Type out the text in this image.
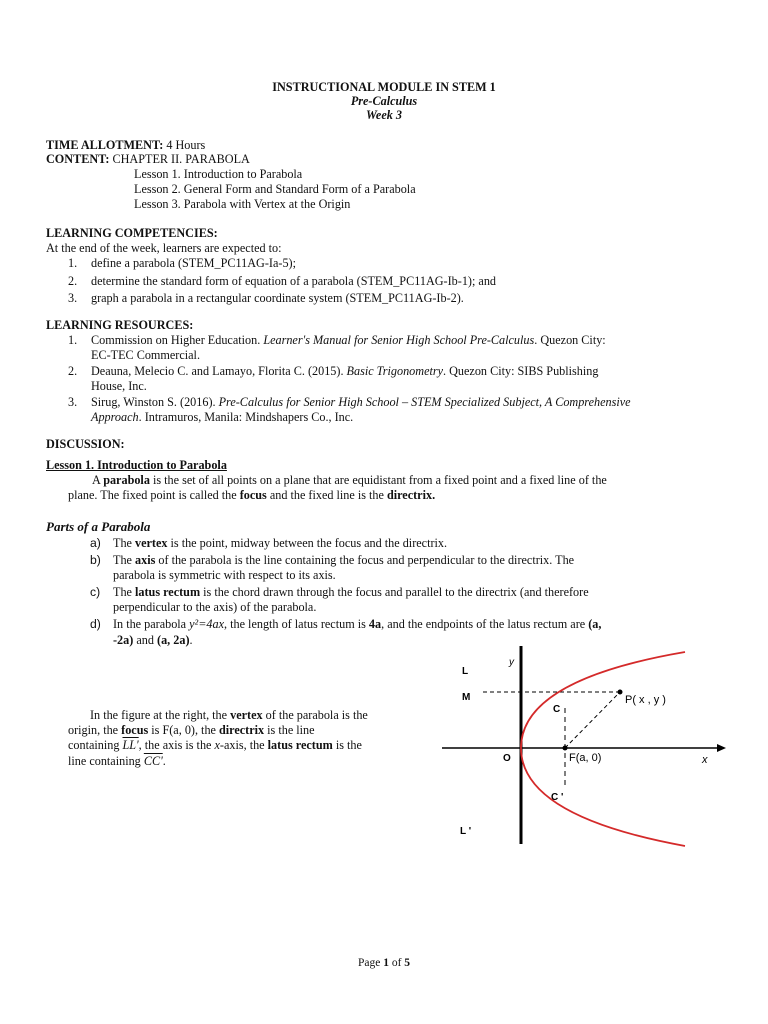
INSTRUCTIONAL MODULE IN STEM 1
Pre-Calculus
Week 3
TIME ALLOTMENT: 4 Hours
CONTENT: CHAPTER II. PARABOLA
Lesson 1. Introduction to Parabola
Lesson 2. General Form and Standard Form of a Parabola
Lesson 3. Parabola with Vertex at the Origin
LEARNING COMPETENCIES:
At the end of the week, learners are expected to:
1. define a parabola (STEM_PC11AG-Ia-5);
2. determine the standard form of equation of a parabola (STEM_PC11AG-Ib-1); and
3. graph a parabola in a rectangular coordinate system (STEM_PC11AG-Ib-2).
LEARNING RESOURCES:
1. Commission on Higher Education. Learner's Manual for Senior High School Pre-Calculus. Quezon City:
EC-TEC Commercial.
2. Deauna, Melecio C. and Lamayo, Florita C. (2015). Basic Trigonometry. Quezon City: SIBS Publishing
House, Inc.
3. Sirug, Winston S. (2016). Pre-Calculus for Senior High School – STEM Specialized Subject, A Comprehensive
Approach. Intramuros, Manila: Mindshapers Co., Inc.
DISCUSSION:
Lesson 1. Introduction to Parabola
A parabola is the set of all points on a plane that are equidistant from a fixed point and a fixed line of the
plane. The fixed point is called the focus and the fixed line is the directrix.
Parts of a Parabola
a) The vertex is the point, midway between the focus and the directrix.
b) The axis of the parabola is the line containing the focus and perpendicular to the directrix. The
parabola is symmetric with respect to its axis.
c) The latus rectum is the chord drawn through the focus and parallel to the directrix (and therefore
perpendicular to the axis) of the parabola.
d) In the parabola y²=4ax, the length of latus rectum is 4a, and the endpoints of the latus rectum are (a,
-2a) and (a, 2a).
In the figure at the right, the vertex of the parabola is the
origin, the focus is F(a, 0), the directrix is the line
containing LL', the axis is the x-axis, the latus rectum is the
line containing CC'.
y
x
L
M
C
P( x , y )
O	F(a, 0)
C '
L '
Page 1 of 5
